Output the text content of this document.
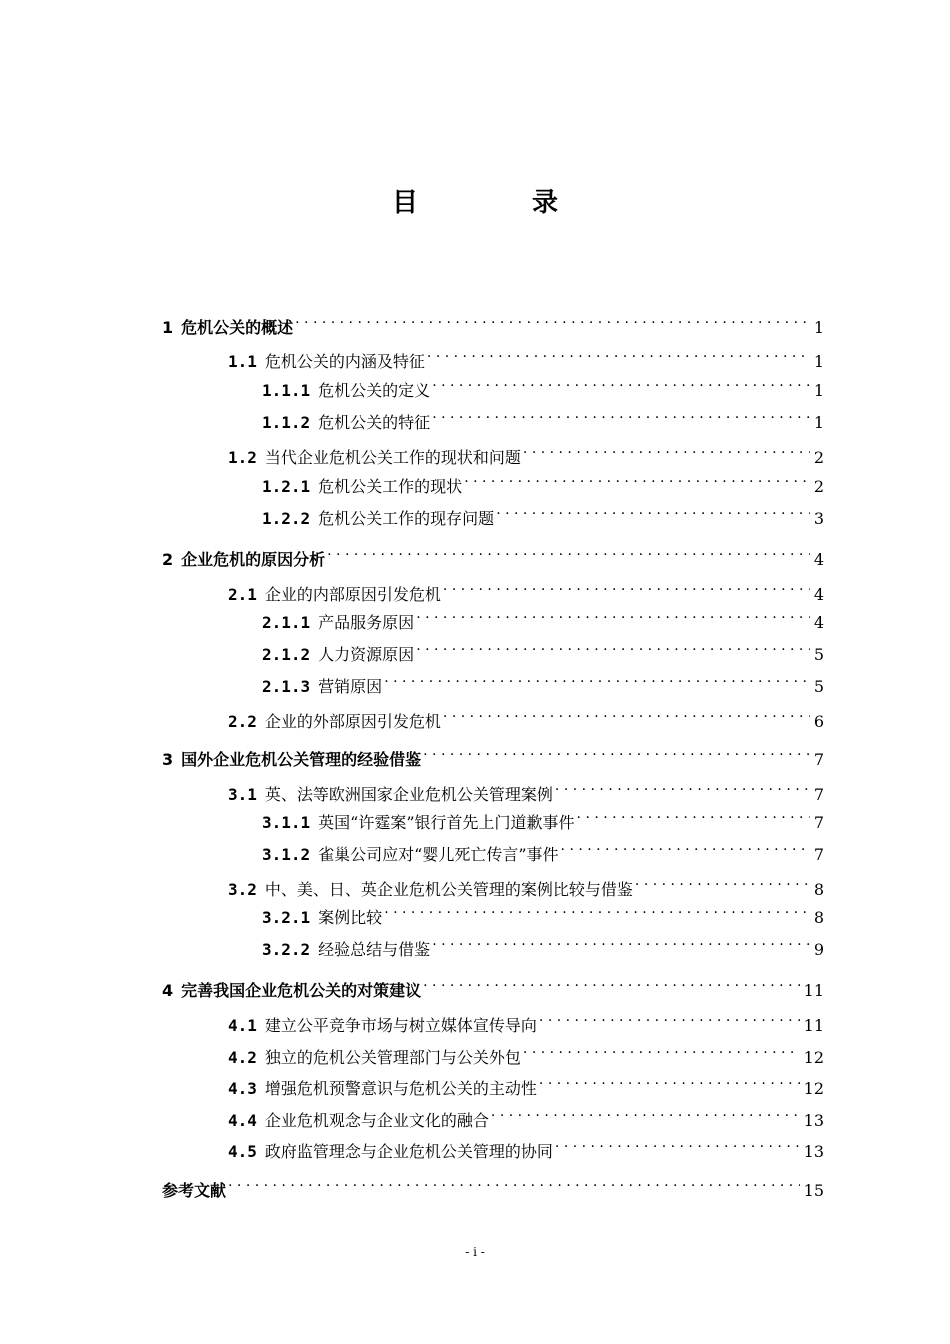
目　录
1 危机公关的概述 . . .	1
1.1 危机公关的内涵及特征 . . .	1
1.1.1 危机公关的定义 . . .	1
1.1.2 危机公关的特征 . . .	1
1.2 当代企业危机公关工作的现状和问题 . . .	2
1.2.1 危机公关工作的现状 . . .	2
1.2.2 危机公关工作的现存问题 . . .	3
2 企业危机的原因分析 . . .	4
2.1 企业的内部原因引发危机 . . .	4
2.1.1 产品服务原因 . . .	4
2.1.2 人力资源原因 . . .	5
2.1.3 营销原因 . . .	5
2.2 企业的外部原因引发危机 . . .	6
3 国外企业危机公关管理的经验借鉴 . . .	7
3.1 英、法等欧洲国家企业危机公关管理案例 . . .	7
3.1.1 英国“许霆案”银行首先上门道歉事件 . . .	7
3.1.2 雀巢公司应对“婴儿死亡传言”事件 . . .	7
3.2 中、美、日、英企业危机公关管理的案例比较与借鉴 . . .	8
3.2.1 案例比较 . . .	8
3.2.2 经验总结与借鉴 . . .	9
4 完善我国企业危机公关的对策建议 . . .	11
4.1 建立公平竞争市场与树立媒体宣传导向 . . .	11
4.2 独立的危机公关管理部门与公关外包 . . .	12
4.3 增强危机预警意识与危机公关的主动性 . . .	12
4.4 企业危机观念与企业文化的融合 . . .	13
4.5 政府监管理念与企业危机公关管理的协同 . . .	13
参考文献 . . .	15
- i -
